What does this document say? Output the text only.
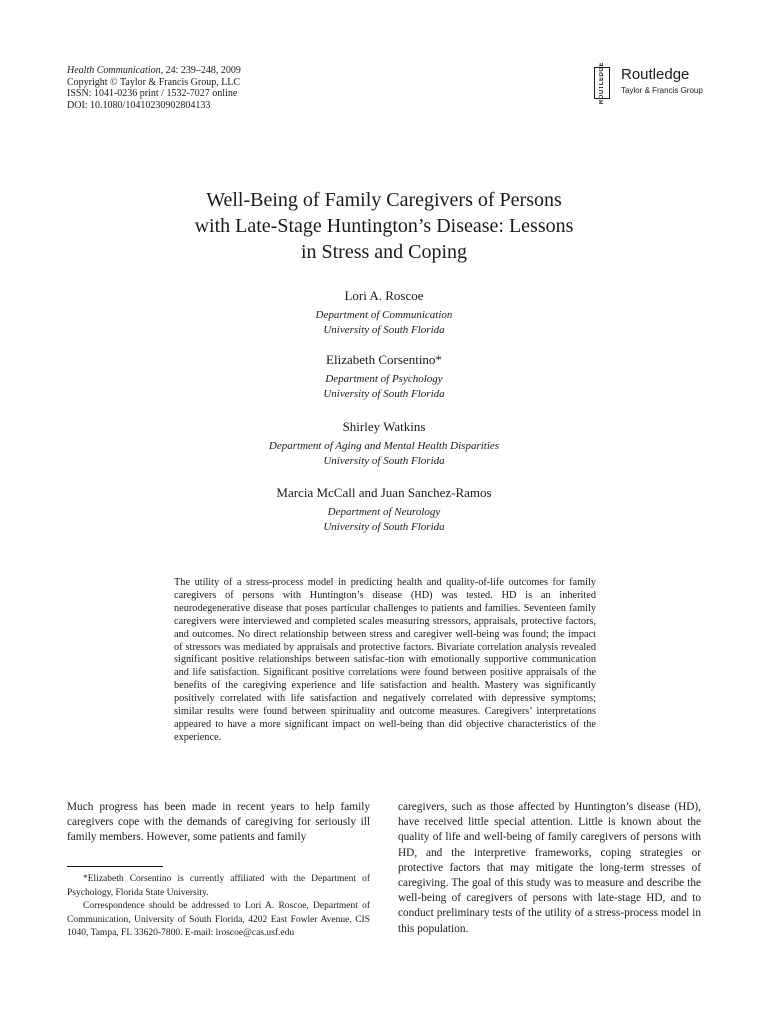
Health Communication, 24: 239–248, 2009
Copyright © Taylor & Francis Group, LLC
ISSN: 1041-0236 print / 1532-7027 online
DOI: 10.1080/10410230902804133
ROUTLEDGE Routledge
Taylor & Francis Group
Well-Being of Family Caregivers of Persons
with Late-Stage Huntington’s Disease: Lessons
in Stress and Coping
Lori A. Roscoe
Department of Communication
University of South Florida
Elizabeth Corsentino*
Department of Psychology
University of South Florida
Shirley Watkins
Department of Aging and Mental Health Disparities
University of South Florida
Marcia McCall and Juan Sanchez-Ramos
Department of Neurology
University of South Florida
The utility of a stress-process model in predicting health and quality-of-life outcomes for family caregivers of persons with Huntington’s disease (HD) was tested. HD is an inherited neurodegenerative disease that poses particular challenges to patients and families. Seventeen family caregivers were interviewed and completed scales measuring stressors, appraisals, protective factors, and outcomes. No direct relationship between stress and caregiver well-being was found; the impact of stressors was mediated by appraisals and protective factors. Bivariate correlation analysis revealed significant positive relationships between satisfac-tion with emotionally supportive communication and life satisfaction. Significant positive correlations were found between positive appraisals of the benefits of the caregiving experience and life satisfaction and health. Mastery was significantly positively correlated with life satisfaction and negatively correlated with depressive symptoms; similar results were found between spirituality and outcome measures. Caregivers’ interpretations appeared to have a more significant impact on well-being than did objective characteristics of the experience.
Much progress has been made in recent years to help family caregivers cope with the demands of caregiving for seriously ill family members. However, some patients and family

*Elizabeth Corsentino is currently affiliated with the Department of Psychology, Florida State University.

Correspondence should be addressed to Lori A. Roscoe, Department of Communication, University of South Florida, 4202 East Fowler Avenue, CIS 1040, Tampa, FL 33620-7800. E-mail: lroscoe@cas.usf.edu

caregivers, such as those affected by Huntington’s disease (HD), have received little special attention. Little is known about the quality of life and well-being of family caregivers of persons with HD, and the interpretive frameworks, coping strategies or protective factors that may mitigate the long-term stresses of caregiving. The goal of this study was to measure and describe the well-being of caregivers of persons with late-stage HD, and to conduct preliminary tests of the utility of a stress-process model in this population.
